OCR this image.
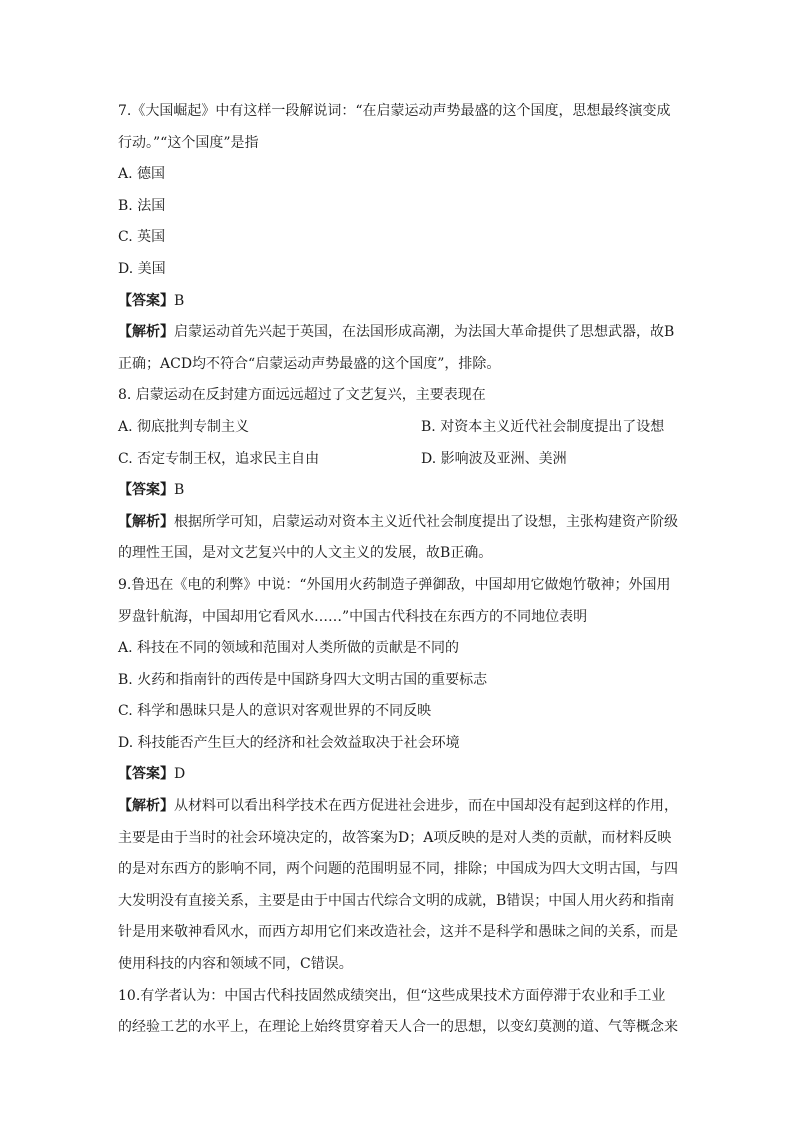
7.《大国崛起》中有这样一段解说词：“在启蒙运动声势最盛的这个国度，思想最终演变成
行动。”“这个国度”是指
A. 德国
B. 法国
C. 英国
D. 美国
【答案】B
【解析】启蒙运动首先兴起于英国，在法国形成高潮，为法国大革命提供了思想武器，故B
正确；ACD均不符合“启蒙运动声势最盛的这个国度”，排除。
8. 启蒙运动在反封建方面远远超过了文艺复兴，主要表现在
A. 彻底批判专制主义	B. 对资本主义近代社会制度提出了设想
C. 否定专制王权，追求民主自由	D. 影响波及亚洲、美洲
【答案】B
【解析】根据所学可知，启蒙运动对资本主义近代社会制度提出了设想，主张构建资产阶级
的理性王国，是对文艺复兴中的人文主义的发展，故B正确。
9.鲁迅在《电的利弊》中说：“外国用火药制造子弹御敌，中国却用它做炮竹敬神；外国用
罗盘针航海，中国却用它看风水……”中国古代科技在东西方的不同地位表明
A. 科技在不同的领域和范围对人类所做的贡献是不同的
B. 火药和指南针的西传是中国跻身四大文明古国的重要标志
C. 科学和愚昧只是人的意识对客观世界的不同反映
D. 科技能否产生巨大的经济和社会效益取决于社会环境
【答案】D
【解析】从材料可以看出科学技术在西方促进社会进步，而在中国却没有起到这样的作用，
主要是由于当时的社会环境决定的，故答案为D；A项反映的是对人类的贡献，而材料反映
的是对东西方的影响不同，两个问题的范围明显不同，排除；中国成为四大文明古国，与四
大发明没有直接关系，主要是由于中国古代综合文明的成就，B错误；中国人用火药和指南
针是用来敬神看风水，而西方却用它们来改造社会，这并不是科学和愚昧之间的关系，而是
使用科技的内容和领域不同，C错误。
10.有学者认为：中国古代科技固然成绩突出，但“这些成果技术方面停滞于农业和手工业
的经验工艺的水平上，在理论上始终贯穿着天人合一的思想，以变幻莫测的道、气等概念来
